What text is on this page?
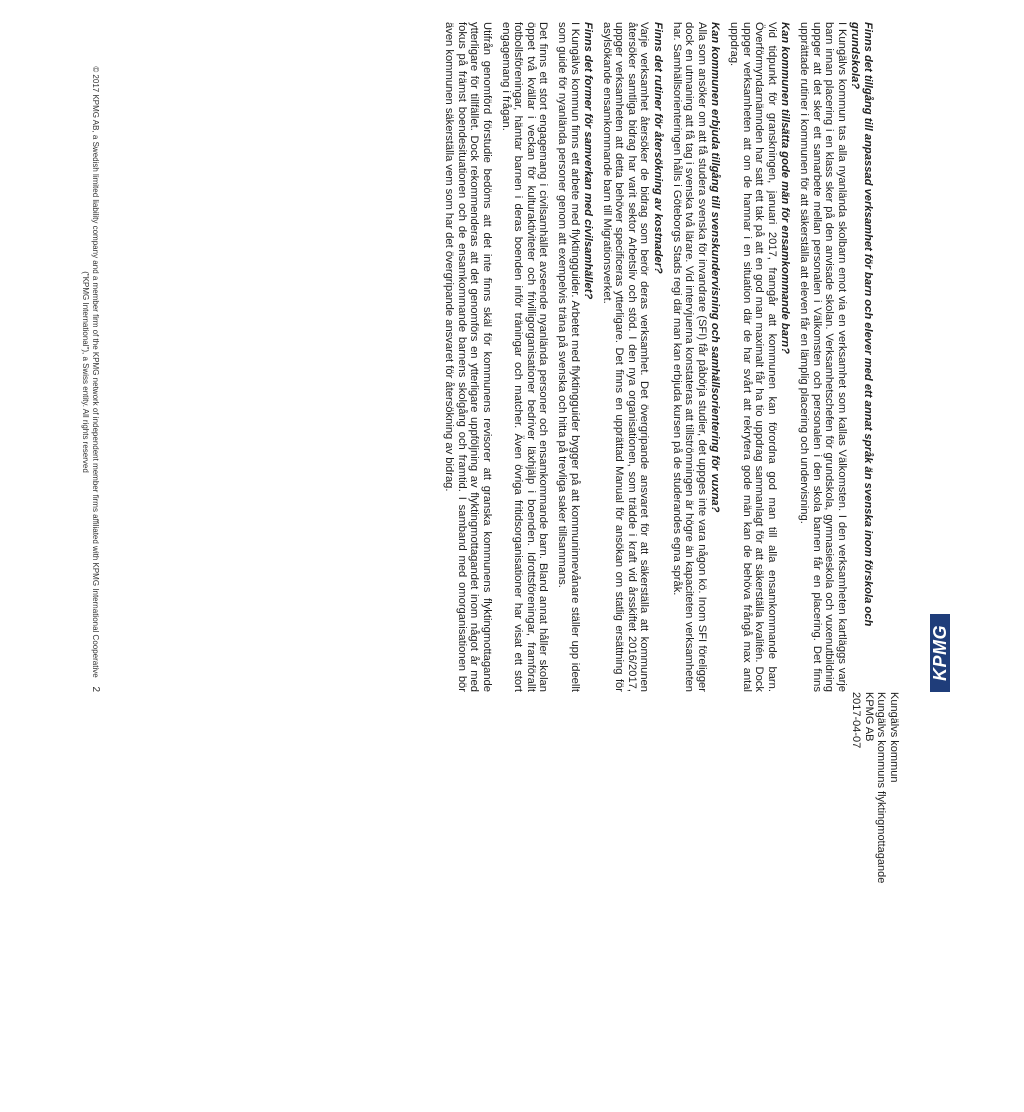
KPMG
Kungälvs kommun
Kungälvs kommuns flyktingmottagande
KPMG AB
2017-04-07
Finns det tillgång till anpassad verksamhet för barn och elever med ett annat språk än svenska inom förskola och grundskola?

I Kungälvs kommun tas alla nyanlända skolbarn emot via en verksamhet som kallas Välkomsten. I den verksamheten kartläggs varje barn innan placering i en klass sker på den anvisade skolan. Verksamhetschefen för grundskola, gymnasieskola och vuxenutbildning uppger att det sker ett samarbete mellan personalen i Välkomsten och personalen i den skola barnen får en placering. Det finns upprättade rutiner i kommunen för att säkerställa att eleven får en lämplig placering och undervisning.

Kan kommunen tillsätta gode män för ensamkommande barn?

Vid tidpunkt för granskningen, januari 2017, framgår att kommunen kan förordna god man till alla ensamkommande barn. Överförmyndarnämnden har satt ett tak på att en god man maximalt får ha tio uppdrag sammanlagt för att säkerställa kvalitén. Dock uppger verksamheten att om de hamnar i en situation där de har svårt att rekrytera gode män kan de behöva frångå max antal uppdrag.

Kan kommunen erbjuda tillgång till svenskundervisning och samhällsorientering för vuxna?

Alla som ansöker om att få studera svenska för invandrare (SFI) får påbörja studier, det uppges inte vara någon kö. Inom SFI föreligger dock en utmaning att få tag i svenska två lärare. Vid intervjuerna konstateras att tillströmningen är högre än kapaciteten verksamheten har. Samhällsorienteringen hålls i Göteborgs Stads regi där man kan erbjuda kursen på de studerandes egna språk.

Finns det rutiner för återsökning av kostnader?

Varje verksamhet återsöker de bidrag som berör deras verksamhet. Det övergripande ansvaret för att säkerställa att kommunen återsöker samtliga bidrag har varit sektor Arbetsliv och stöd. I den nya organisationen, som trädde i kraft vid årsskiftet 2016/2017, uppger verksamheten att detta behöver specificeras ytterligare. Det finns en upprättad Manual för ansökan om statlig ersättning för asylsökande ensamkommande barn till Migrationsverket.

Finns det former för samverkan med civilsamhället?

I Kungälvs kommun finns ett arbete med flyktingguider. Arbetet med flyktingguider bygger på att kommuninnevånare ställer upp ideellt som guide för nyanlända personer genom att exempelvis träna på svenska och hitta på trevliga saker tillsammans.

Det finns ett stort engagemang i civilsamhället avseende nyanlända personer och ensamkommande barn. Bland annat håller skolan öppet två kvällar i veckan för kulturaktiviteter och frivilligorganisationer bedriver läxhjälp i boenden. Idrottsföreningar, framförallt fotbollsföreningar, hämtar barnen i deras boenden inför träningar och matcher. Även övriga fritidsorganisationer har visat ett stort engagemang i frågan.

Utifrån genomförd förstudie bedöms att det inte finns skäl för kommunens revisorer att granska kommunens flyktingmottagande ytterligare för tillfället. Dock rekommenderas att det genomförs en ytterligare uppföljning av flyktingmottagandet inom något år med fokus på främst boendesituationen och de ensamkommande barnens skolgång och framtid. I samband med omorganisationen bör även kommunen säkerställa vem som har det övergripande ansvaret för återsökning av bidrag.

© 2017 KPMG AB, a Swedish limited liability company and a member firm of the KPMG network of independent member firms affiliated with KPMG International Cooperative ("KPMG International"), a Swiss entity. All rights reserved
2
